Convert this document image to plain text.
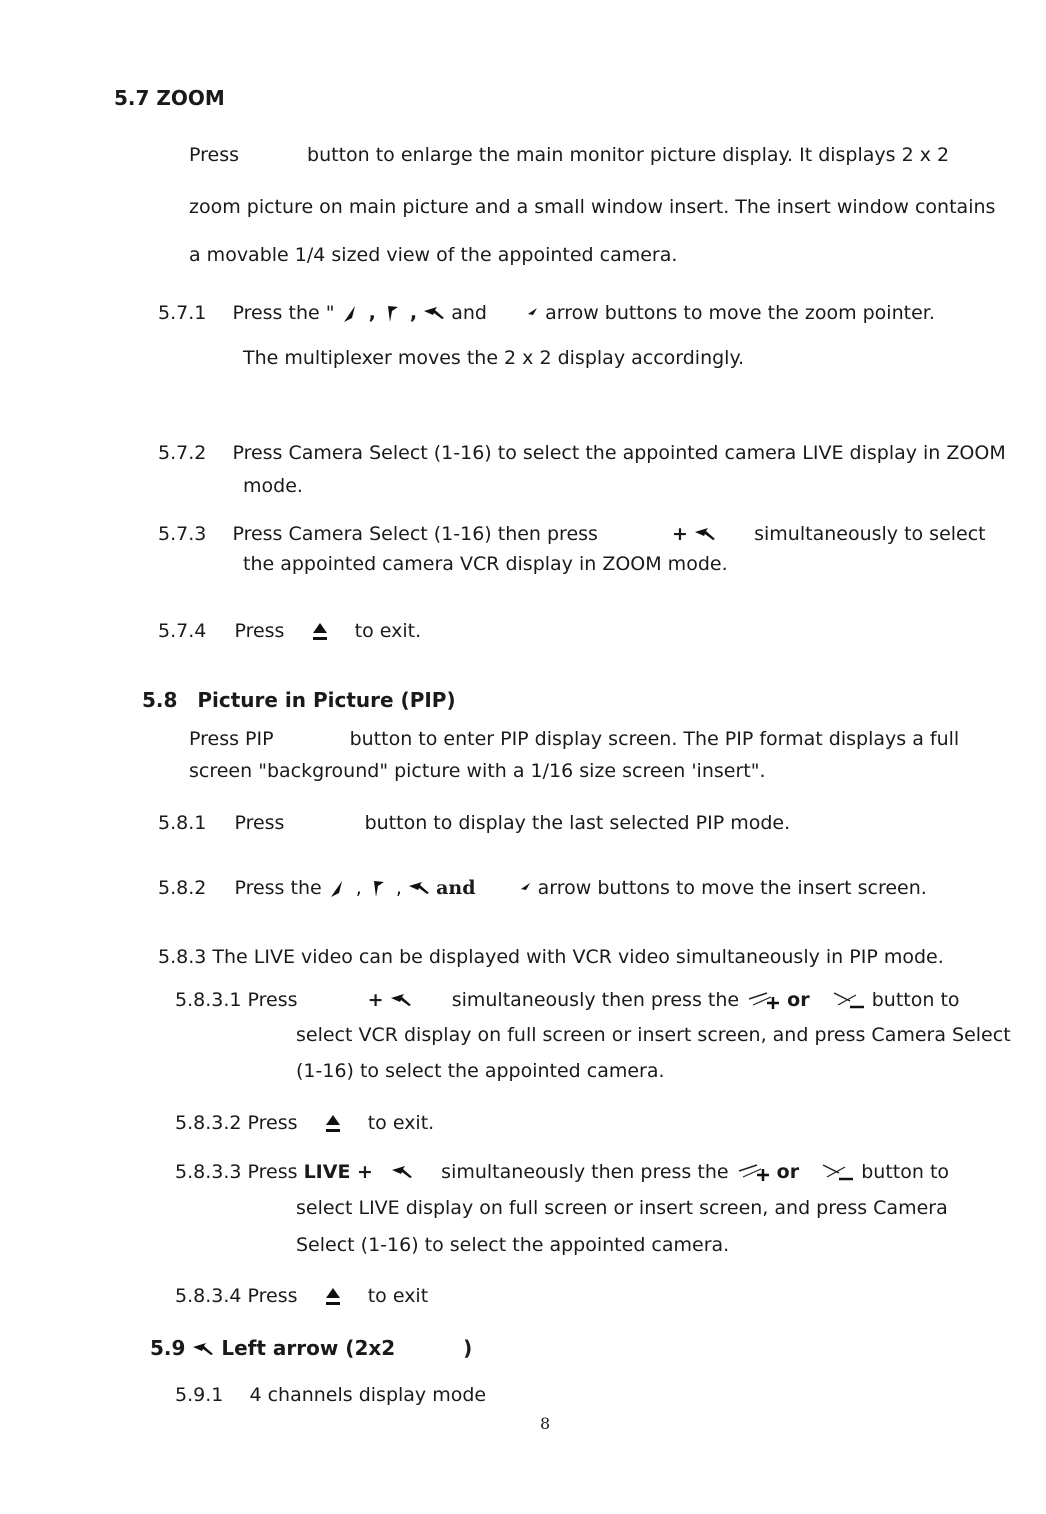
5.7 ZOOM
Press	button to enlarge the main monitor picture display. It displays 2 x 2
zoom picture on main picture and a small window insert. The insert window contains
a movable 1/4 sized view of the appointed camera.
5.7.1 Press the " , , and	arrow buttons to move the zoom pointer.
The multiplexer moves the 2 x 2 display accordingly.
5.7.2 Press Camera Select (1-16) to select the appointed camera LIVE display in ZOOM
mode.
5.7.3 Press Camera Select (1-16) then press	+	simultaneously to select
the appointed camera VCR display in ZOOM mode.
5.7.4 Press	to exit.
5.8 Picture in Picture (PIP)
Press PIP	button to enter PIP display screen. The PIP format displays a full
screen "background" picture with a 1/16 size screen 'insert".
5.8.1 Press	button to display the last selected PIP mode.
5.8.2 Press the , , and	arrow buttons to move the insert screen.
5.8.3 The LIVE video can be displayed with VCR video simultaneously in PIP mode.
5.8.3.1 Press	+	simultaneously then press the	or	button to
select VCR display on full screen or insert screen, and press Camera Select
(1-16) to select the appointed camera.
5.8.3.2 Press	to exit.
5.8.3.3 Press LIVE +	simultaneously then press the	or	button to
select LIVE display on full screen or insert screen, and press Camera
Select (1-16) to select the appointed camera.
5.8.3.4 Press	to exit
5.9 Left arrow (2x2	)
5.9.1 4 channels display mode
8
